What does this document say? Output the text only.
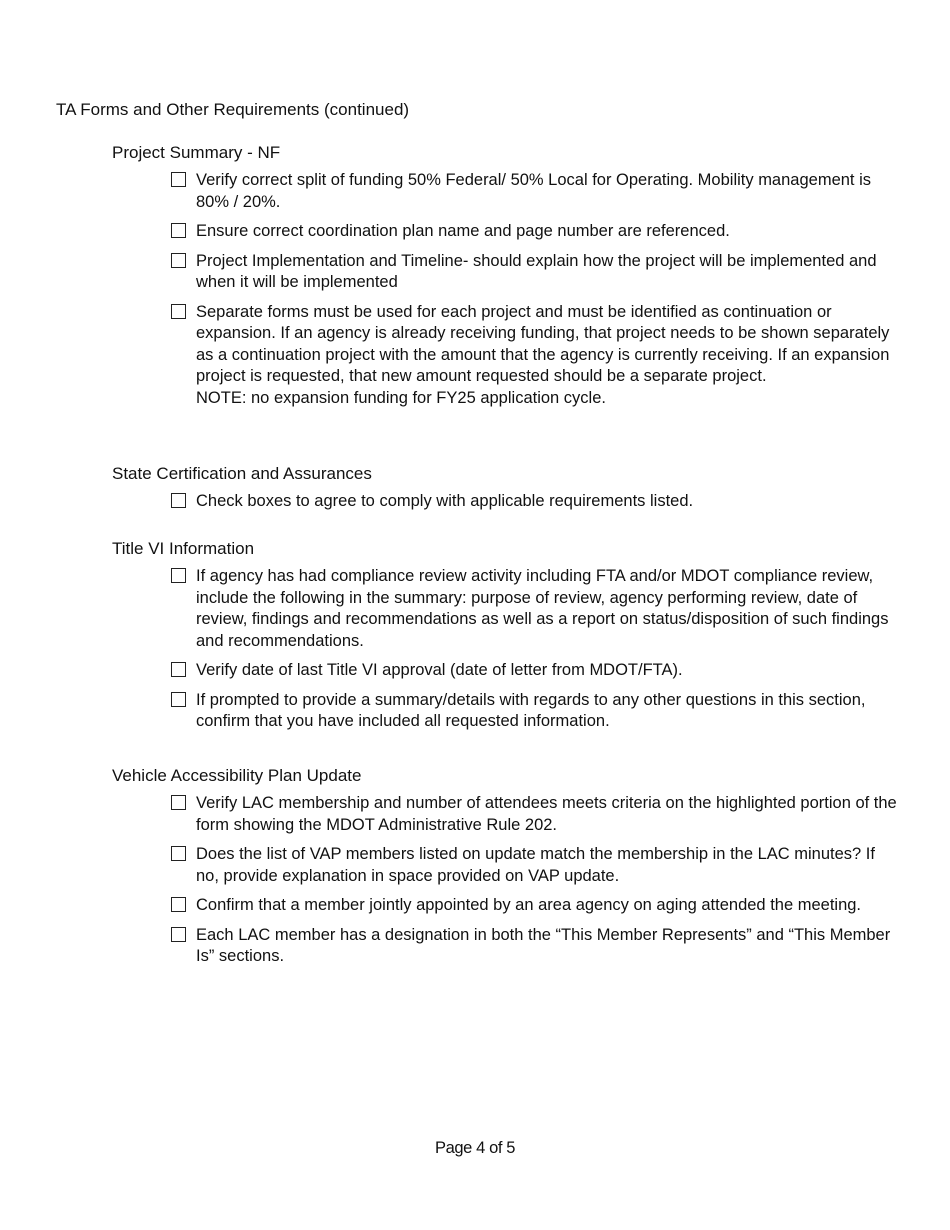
TA Forms and Other Requirements (continued)
Project Summary - NF
Verify correct split of funding 50% Federal/ 50% Local for Operating. Mobility management is 80% / 20%.
Ensure correct coordination plan name and page number are referenced.
Project Implementation and Timeline- should explain how the project will be implemented and when it will be implemented
Separate forms must be used for each project and must be identified as continuation or expansion. If an agency is already receiving funding, that project needs to be shown separately as a continuation project with the amount that the agency is currently receiving. If an expansion project is requested, that new amount requested should be a separate project.
NOTE: no expansion funding for FY25 application cycle.
State Certification and Assurances
Check boxes to agree to comply with applicable requirements listed.
Title VI Information
If agency has had compliance review activity including FTA and/or MDOT compliance review, include the following in the summary: purpose of review, agency performing review, date of review, findings and recommendations as well as a report on status/disposition of such findings and recommendations.
Verify date of last Title VI approval (date of letter from MDOT/FTA).
If prompted to provide a summary/details with regards to any other questions in this section, confirm that you have included all requested information.
Vehicle Accessibility Plan Update
Verify LAC membership and number of attendees meets criteria on the highlighted portion of the form showing the MDOT Administrative Rule 202.
Does the list of VAP members listed on update match the membership in the LAC minutes? If no, provide explanation in space provided on VAP update.
Confirm that a member jointly appointed by an area agency on aging attended the meeting.
Each LAC member has a designation in both the “This Member Represents” and “This Member Is” sections.
Page 4 of 5
